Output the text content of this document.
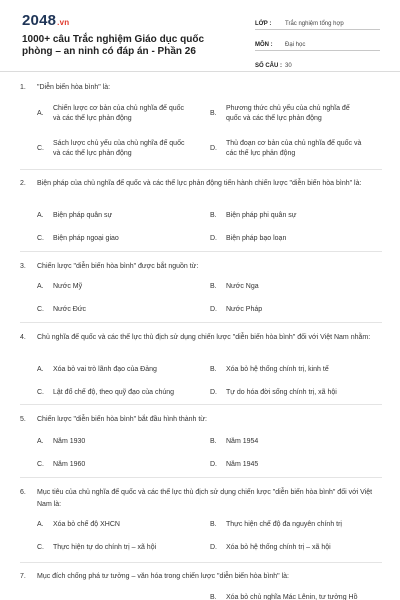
2048.vn
1000+ câu Trắc nghiệm Giáo dục quốc phòng – an ninh có đáp án - Phần 26
LỚP :	Trắc nghiệm tổng hợp
MÔN :	Đại học
SỐ CÂU : 30
1. "Diễn biến hòa bình" là:
A.
Chiến lược cơ bản của chủ nghĩa đế quốc và các thế lực phản động
B.
Phương thức chủ yếu của chủ nghĩa đế quốc và các thế lực phản động
C.
Sách lược chủ yếu của chủ nghĩa đế quốc và các thế lực phản động
D.
Thủ đoạn cơ bản của chủ nghĩa đế quốc và các thế lực phản động
2. Biện pháp của chủ nghĩa đế quốc và các thế lực phản động tiến hành chiến lược "diễn biến hòa bình" là:
A. Biện pháp quân sự	B. Biện pháp phi quân sự
C. Biện pháp ngoại giao	D. Biện pháp bạo loạn
3. Chiến lược "diễn biến hòa bình" được bắt nguồn từ:
A. Nước Mỹ	B. Nước Nga
C. Nước Đức	D. Nước Pháp
4. Chủ nghĩa đế quốc và các thế lực thù địch sử dụng chiến lược "diễn biến hòa bình" đối với Việt Nam nhằm:
A. Xóa bỏ vai trò lãnh đạo của Đảng	B. Xóa bỏ hệ thống chính trị, kinh tế
C. Lật đổ chế độ, theo quỹ đạo của chúng	D. Tự do hóa đời sống chính trị, xã hội
5. Chiến lược "diễn biến hòa bình" bắt đầu hình thành từ:
A. Năm 1930	B. Năm 1954
C. Năm 1960	D. Năm 1945
6. Mục tiêu của chủ nghĩa đế quốc và các thế lực thù địch sử dụng chiến lược "diễn biến hòa bình" đối với Việt Nam là:
A. Xóa bỏ chế độ XHCN	B. Thực hiện chế độ đa nguyên chính trị
C. Thực hiện tự do chính trị – xã hội	D. Xóa bỏ hệ thống chính trị – xã hội
7. Mục đích chống phá tư tưởng – văn hóa trong chiến lược "diễn biến hòa bình" là:
B. Xóa bỏ chủ nghĩa Mác Lênin, tư tưởng Hồ
